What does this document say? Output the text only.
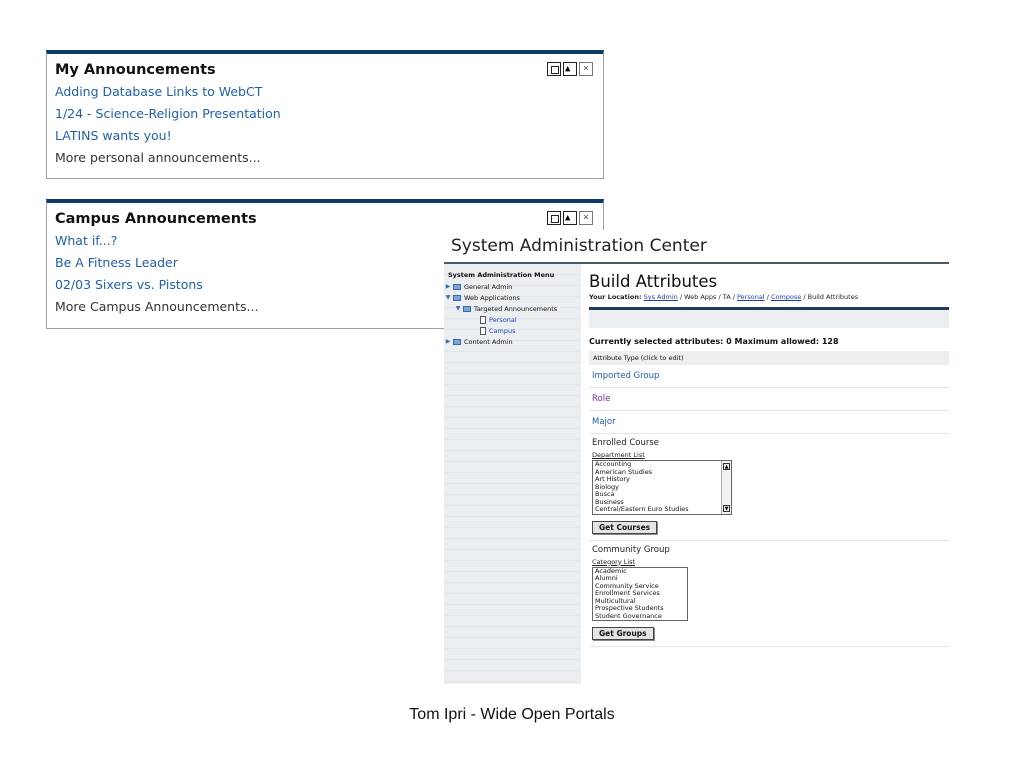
▲
×
My Announcements
Adding Database Links to WebCT
1/24 - Science-Religion Presentation
LATINS wants you!
More personal announcements...
▲
×
Campus Announcements
What if...?
Be A Fitness Leader
02/03 Sixers vs. Pistons
More Campus Announcements...
System Administration Center
System Administration Menu
▶ General Admin
▼ Web Applications
▼ Targeted Announcements
Personal
Campus
▶ Content Admin
Build Attributes
Your Location: Sys Admin / Web Apps / TA / Personal / Compose / Build Attributes
Currently selected attributes: 0 Maximum allowed: 128
Attribute Type (click to edit)
Imported Group
Role
Major
Enrolled Course
Department List
Accounting
American Studies
Art History
Biology
Busca
Business
Central/Eastern Euro Studies
▲
▼
Get Courses
Community Group
Category List
Academic
Alumni
Community Service
Enrollment Services
Multicultural
Prospective Students
Student Governance
Get Groups
Tom Ipri - Wide Open Portals
